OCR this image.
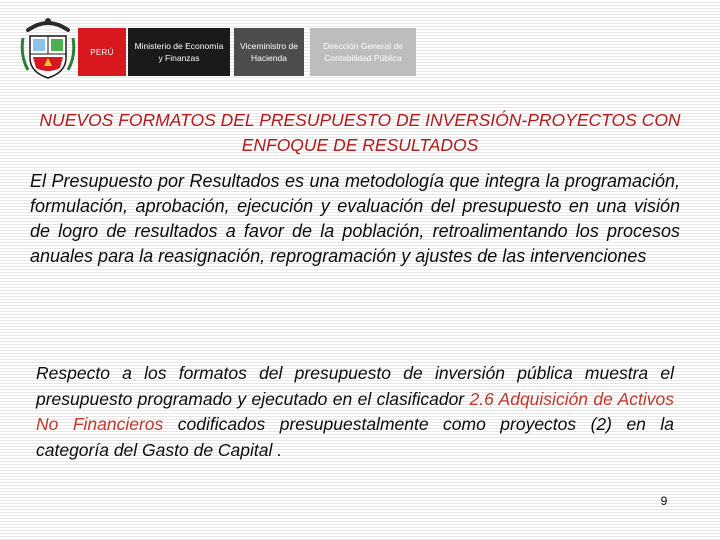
PERÚ
Ministerio de Economía y Finanzas
Viceministro de Hacienda
Dirección General de Contabilidad Pública
NUEVOS FORMATOS DEL PRESUPUESTO DE INVERSIÓN-PROYECTOS CON ENFOQUE DE RESULTADOS

El Presupuesto por Resultados es una metodología que integra la programación, formulación, aprobación, ejecución y evaluación del presupuesto en una visión de logro de resultados a favor de la población, retroalimentando los procesos anuales para la reasignación, reprogramación y ajustes de las intervenciones

Respecto a los formatos del presupuesto de inversión pública muestra el presupuesto programado y ejecutado en el clasificador 2.6 Adquisición de Activos No Financieros codificados presupuestalmente como proyectos (2) en la categoría del Gasto de Capital .

9
